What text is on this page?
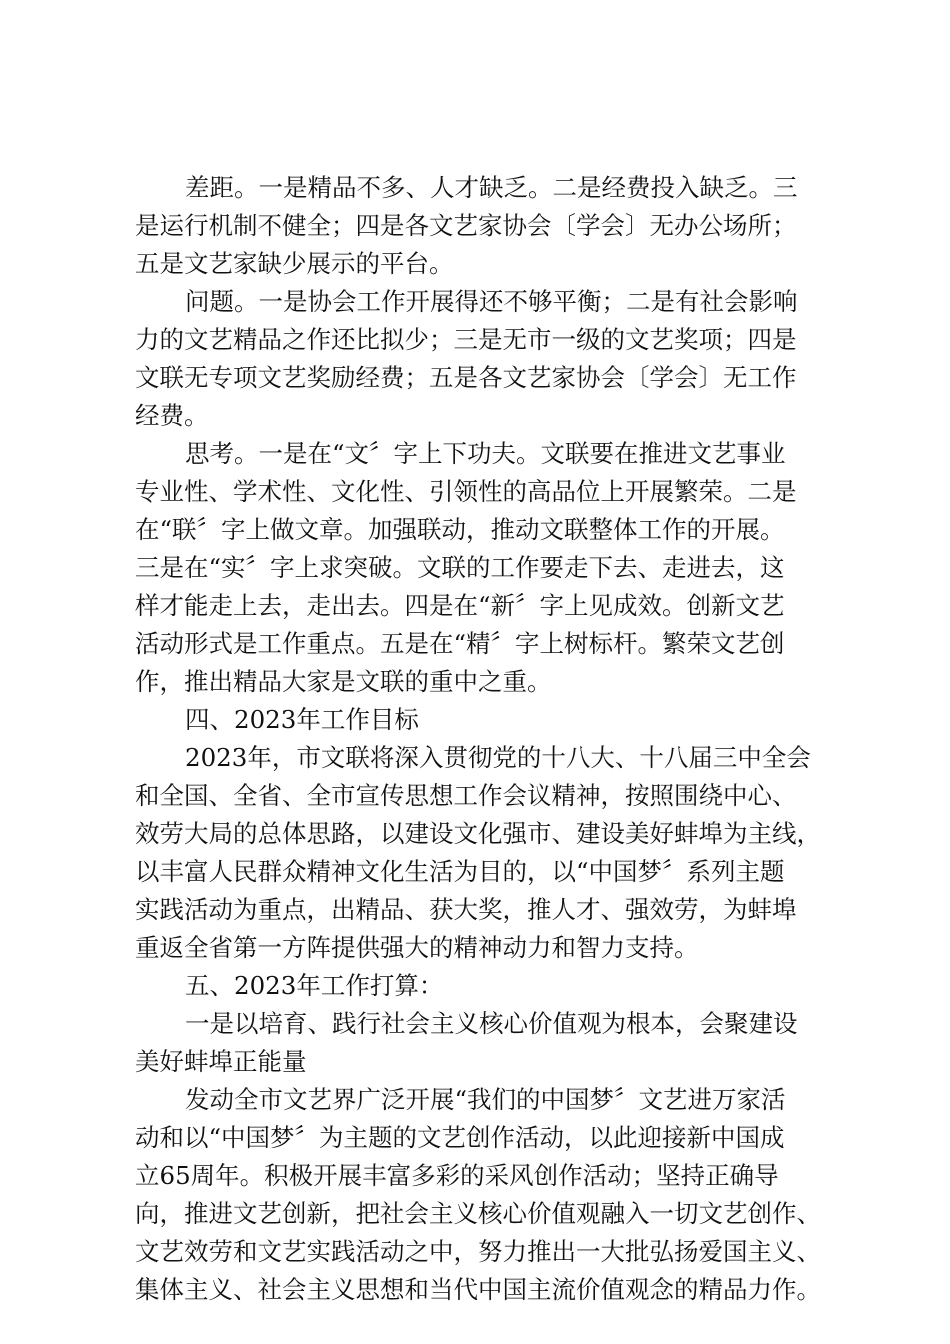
差距。一是精品不多、人才缺乏。二是经费投入缺乏。三
是运行机制不健全；四是各文艺家协会〔学会〕无办公场所；
五是文艺家缺少展示的平台。
问题。一是协会工作开展得还不够平衡；二是有社会影响
力的文艺精品之作还比拟少；三是无市一级的文艺奖项；四是
文联无专项文艺奖励经费；五是各文艺家协会〔学会〕无工作
经费。
思考。一是在“文〞字上下功夫。文联要在推进文艺事业
专业性、学术性、文化性、引领性的高品位上开展繁荣。二是
在“联〞字上做文章。加强联动，推动文联整体工作的开展。
三是在“实〞字上求突破。文联的工作要走下去、走进去，这
样才能走上去，走出去。四是在“新〞字上见成效。创新文艺
活动形式是工作重点。五是在“精〞字上树标杆。繁荣文艺创
作，推出精品大家是文联的重中之重。
四、2023年工作目标
2023年，市文联将深入贯彻党的十八大、十八届三中全会
和全国、全省、全市宣传思想工作会议精神，按照围绕中心、
效劳大局的总体思路，以建设文化强市、建设美好蚌埠为主线，
以丰富人民群众精神文化生活为目的，以“中国梦〞系列主题
实践活动为重点，出精品、获大奖，推人才、强效劳，为蚌埠
重返全省第一方阵提供强大的精神动力和智力支持。
五、2023年工作打算：
一是以培育、践行社会主义核心价值观为根本，会聚建设
美好蚌埠正能量
发动全市文艺界广泛开展“我们的中国梦〞文艺进万家活
动和以“中国梦〞为主题的文艺创作活动，以此迎接新中国成
立65周年。积极开展丰富多彩的采风创作活动；坚持正确导
向，推进文艺创新，把社会主义核心价值观融入一切文艺创作、
文艺效劳和文艺实践活动之中，努力推出一大批弘扬爱国主义、
集体主义、社会主义思想和当代中国主流价值观念的精品力作。
